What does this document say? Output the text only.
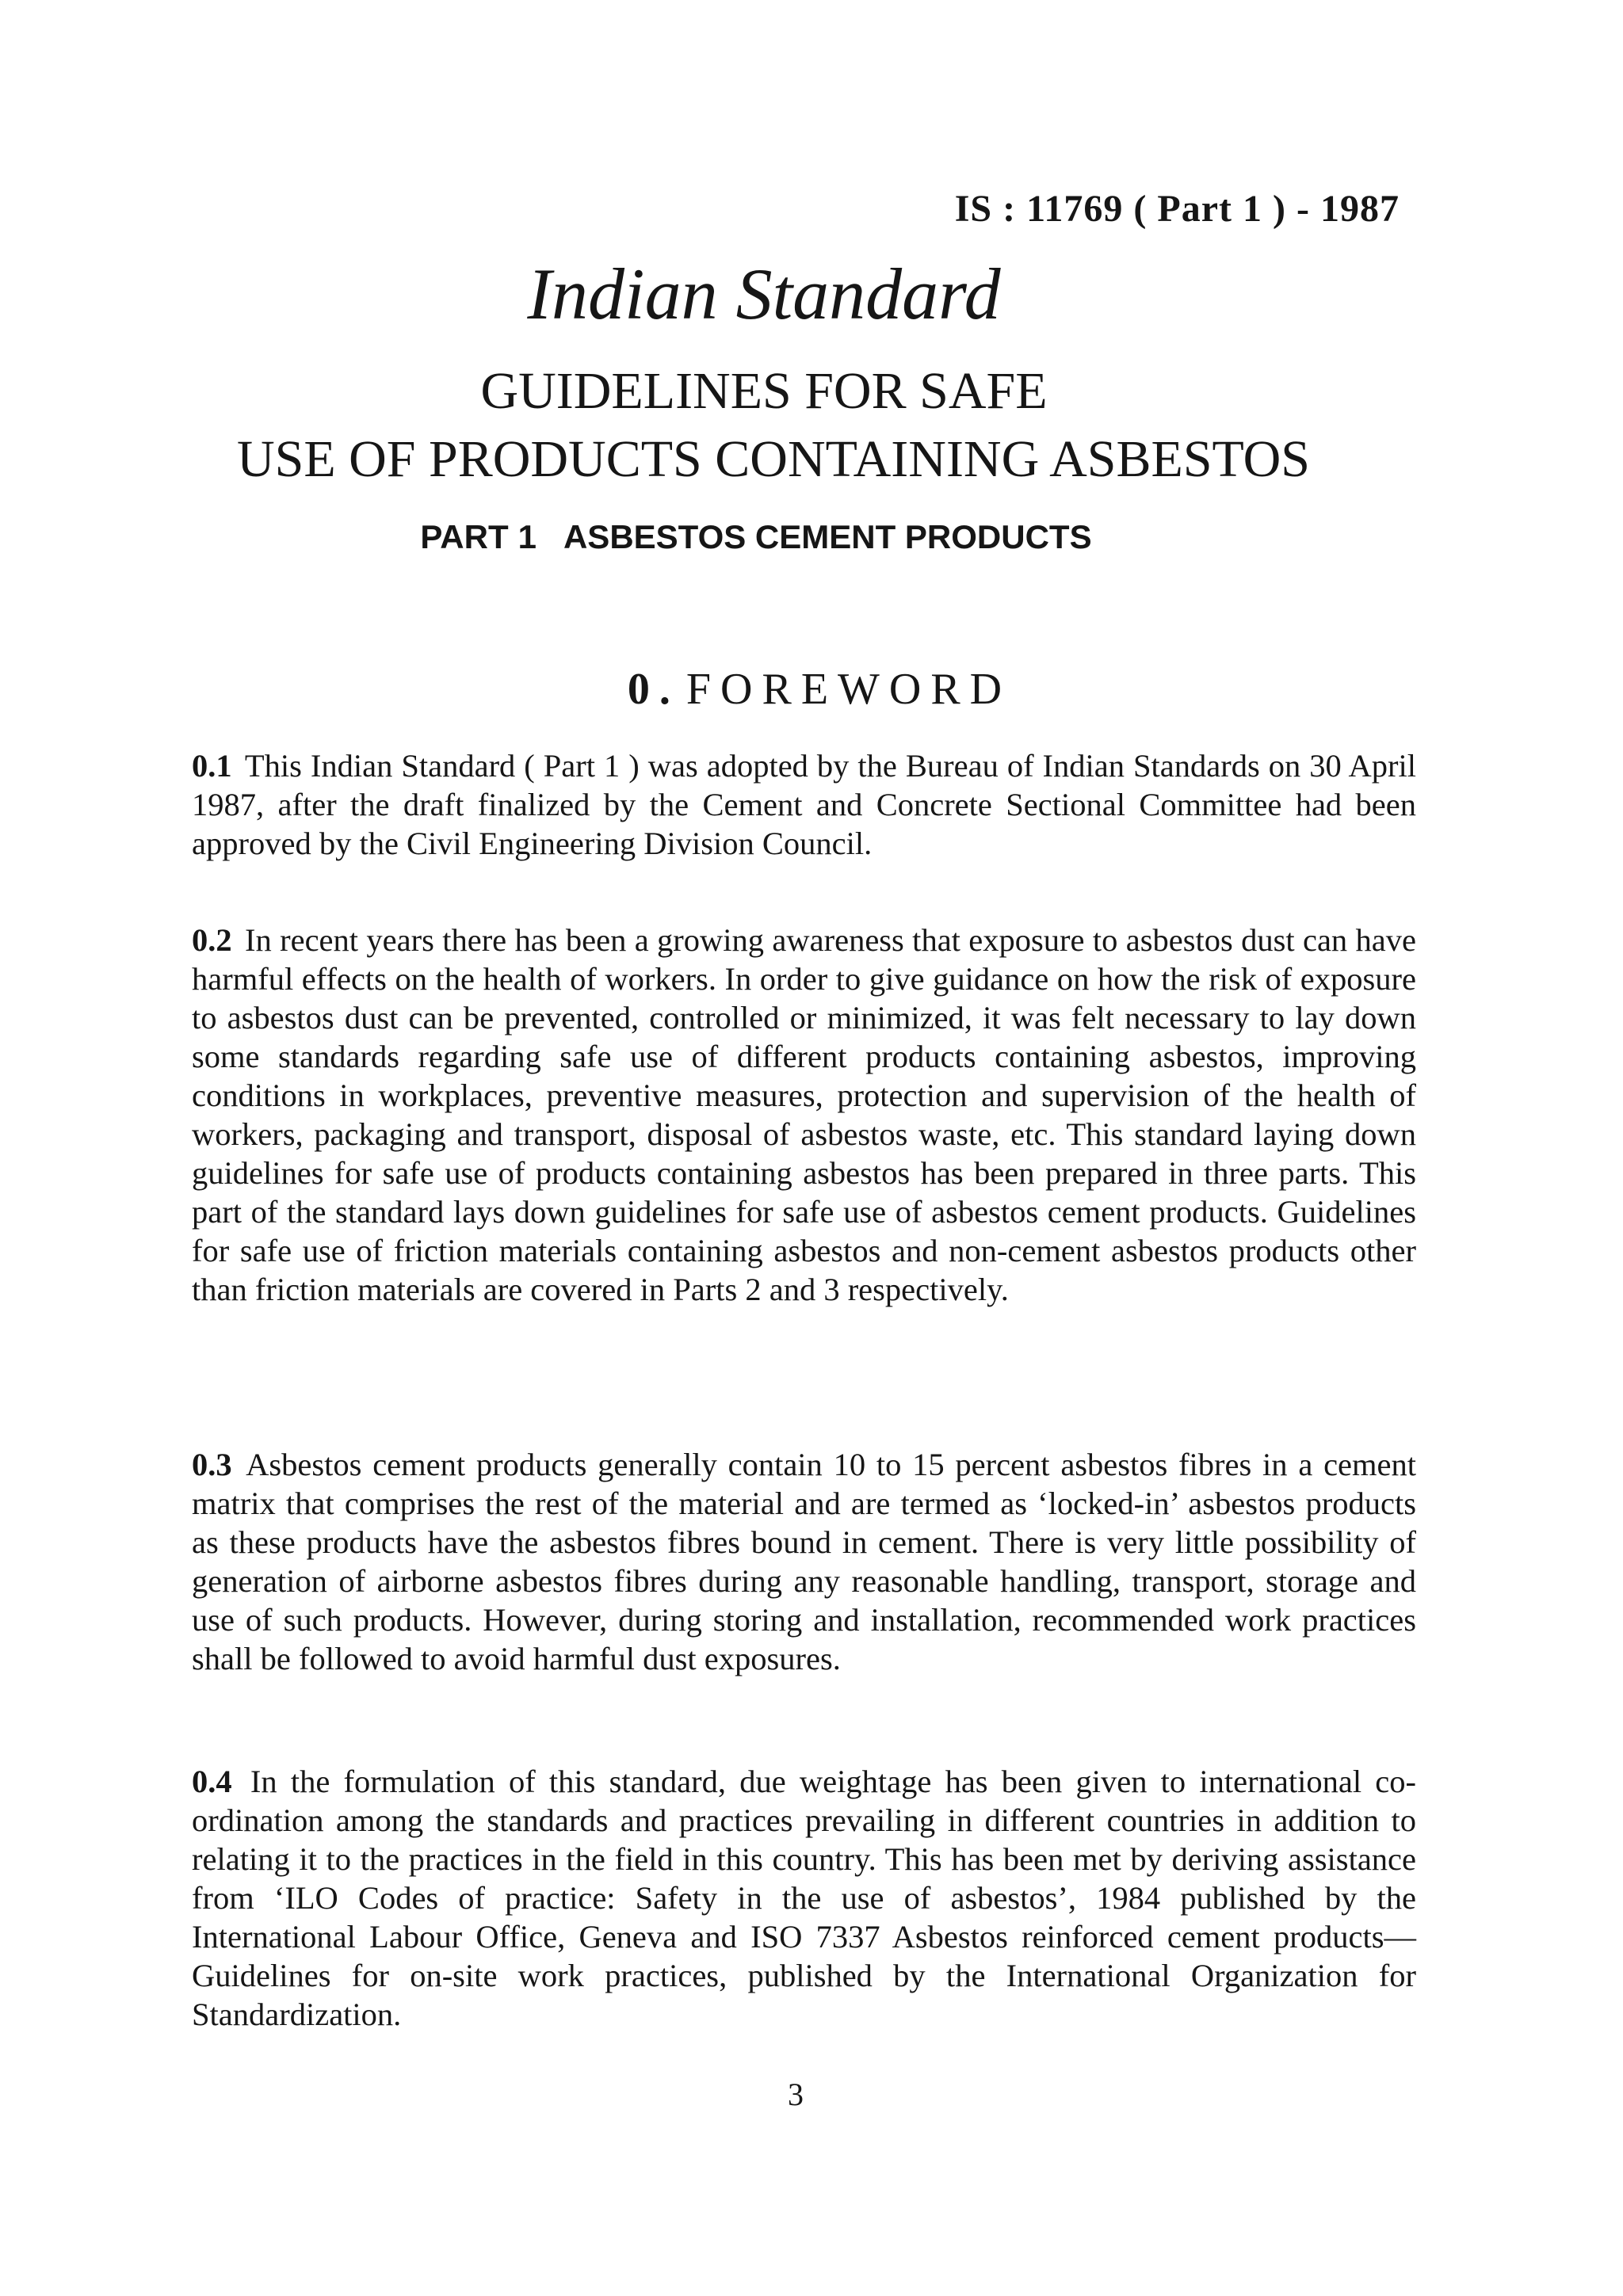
IS : 11769 ( Part 1 ) - 1987
Indian Standard
GUIDELINES FOR SAFE
USE OF PRODUCTS CONTAINING ASBESTOS
PART 1 ASBESTOS CEMENT PRODUCTS
0. FOREWORD
0.1 This Indian Standard ( Part 1 ) was adopted by the Bureau of Indian Standards on 30 April 1987, after the draft finalized by the Cement and Concrete Sectional Committee had been approved by the Civil Engineering Division Council.
0.2 In recent years there has been a growing awareness that exposure to asbestos dust can have harmful effects on the health of workers. In order to give guidance on how the risk of exposure to asbestos dust can be prevented, controlled or minimized, it was felt necessary to lay down some standards regarding safe use of different products containing asbestos, improving conditions in workplaces, preventive measures, protection and supervision of the health of workers, packaging and transport, disposal of asbestos waste, etc. This standard laying down guidelines for safe use of products containing asbestos has been prepared in three parts. This part of the standard lays down guidelines for safe use of asbestos cement products. Guidelines for safe use of friction materials containing asbestos and non-cement asbestos products other than friction materials are covered in Parts 2 and 3 respectively.
0.3 Asbestos cement products generally contain 10 to 15 percent asbestos fibres in a cement matrix that comprises the rest of the material and are termed as ‘locked-in’ asbestos products as these products have the asbestos fibres bound in cement. There is very little possibility of generation of airborne asbestos fibres during any reasonable handling, transport, storage and use of such products. However, during storing and installation, recommended work practices shall be followed to avoid harmful dust exposures.
0.4 In the formulation of this standard, due weightage has been given to international co-ordination among the standards and practices prevailing in different countries in addition to relating it to the practices in the field in this country. This has been met by deriving assistance from ‘ILO Codes of practice: Safety in the use of asbestos’, 1984 published by the International Labour Office, Geneva and ISO 7337 Asbestos reinforced cement products—Guidelines for on-site work practices, published by the International Organization for Standardization.
3
